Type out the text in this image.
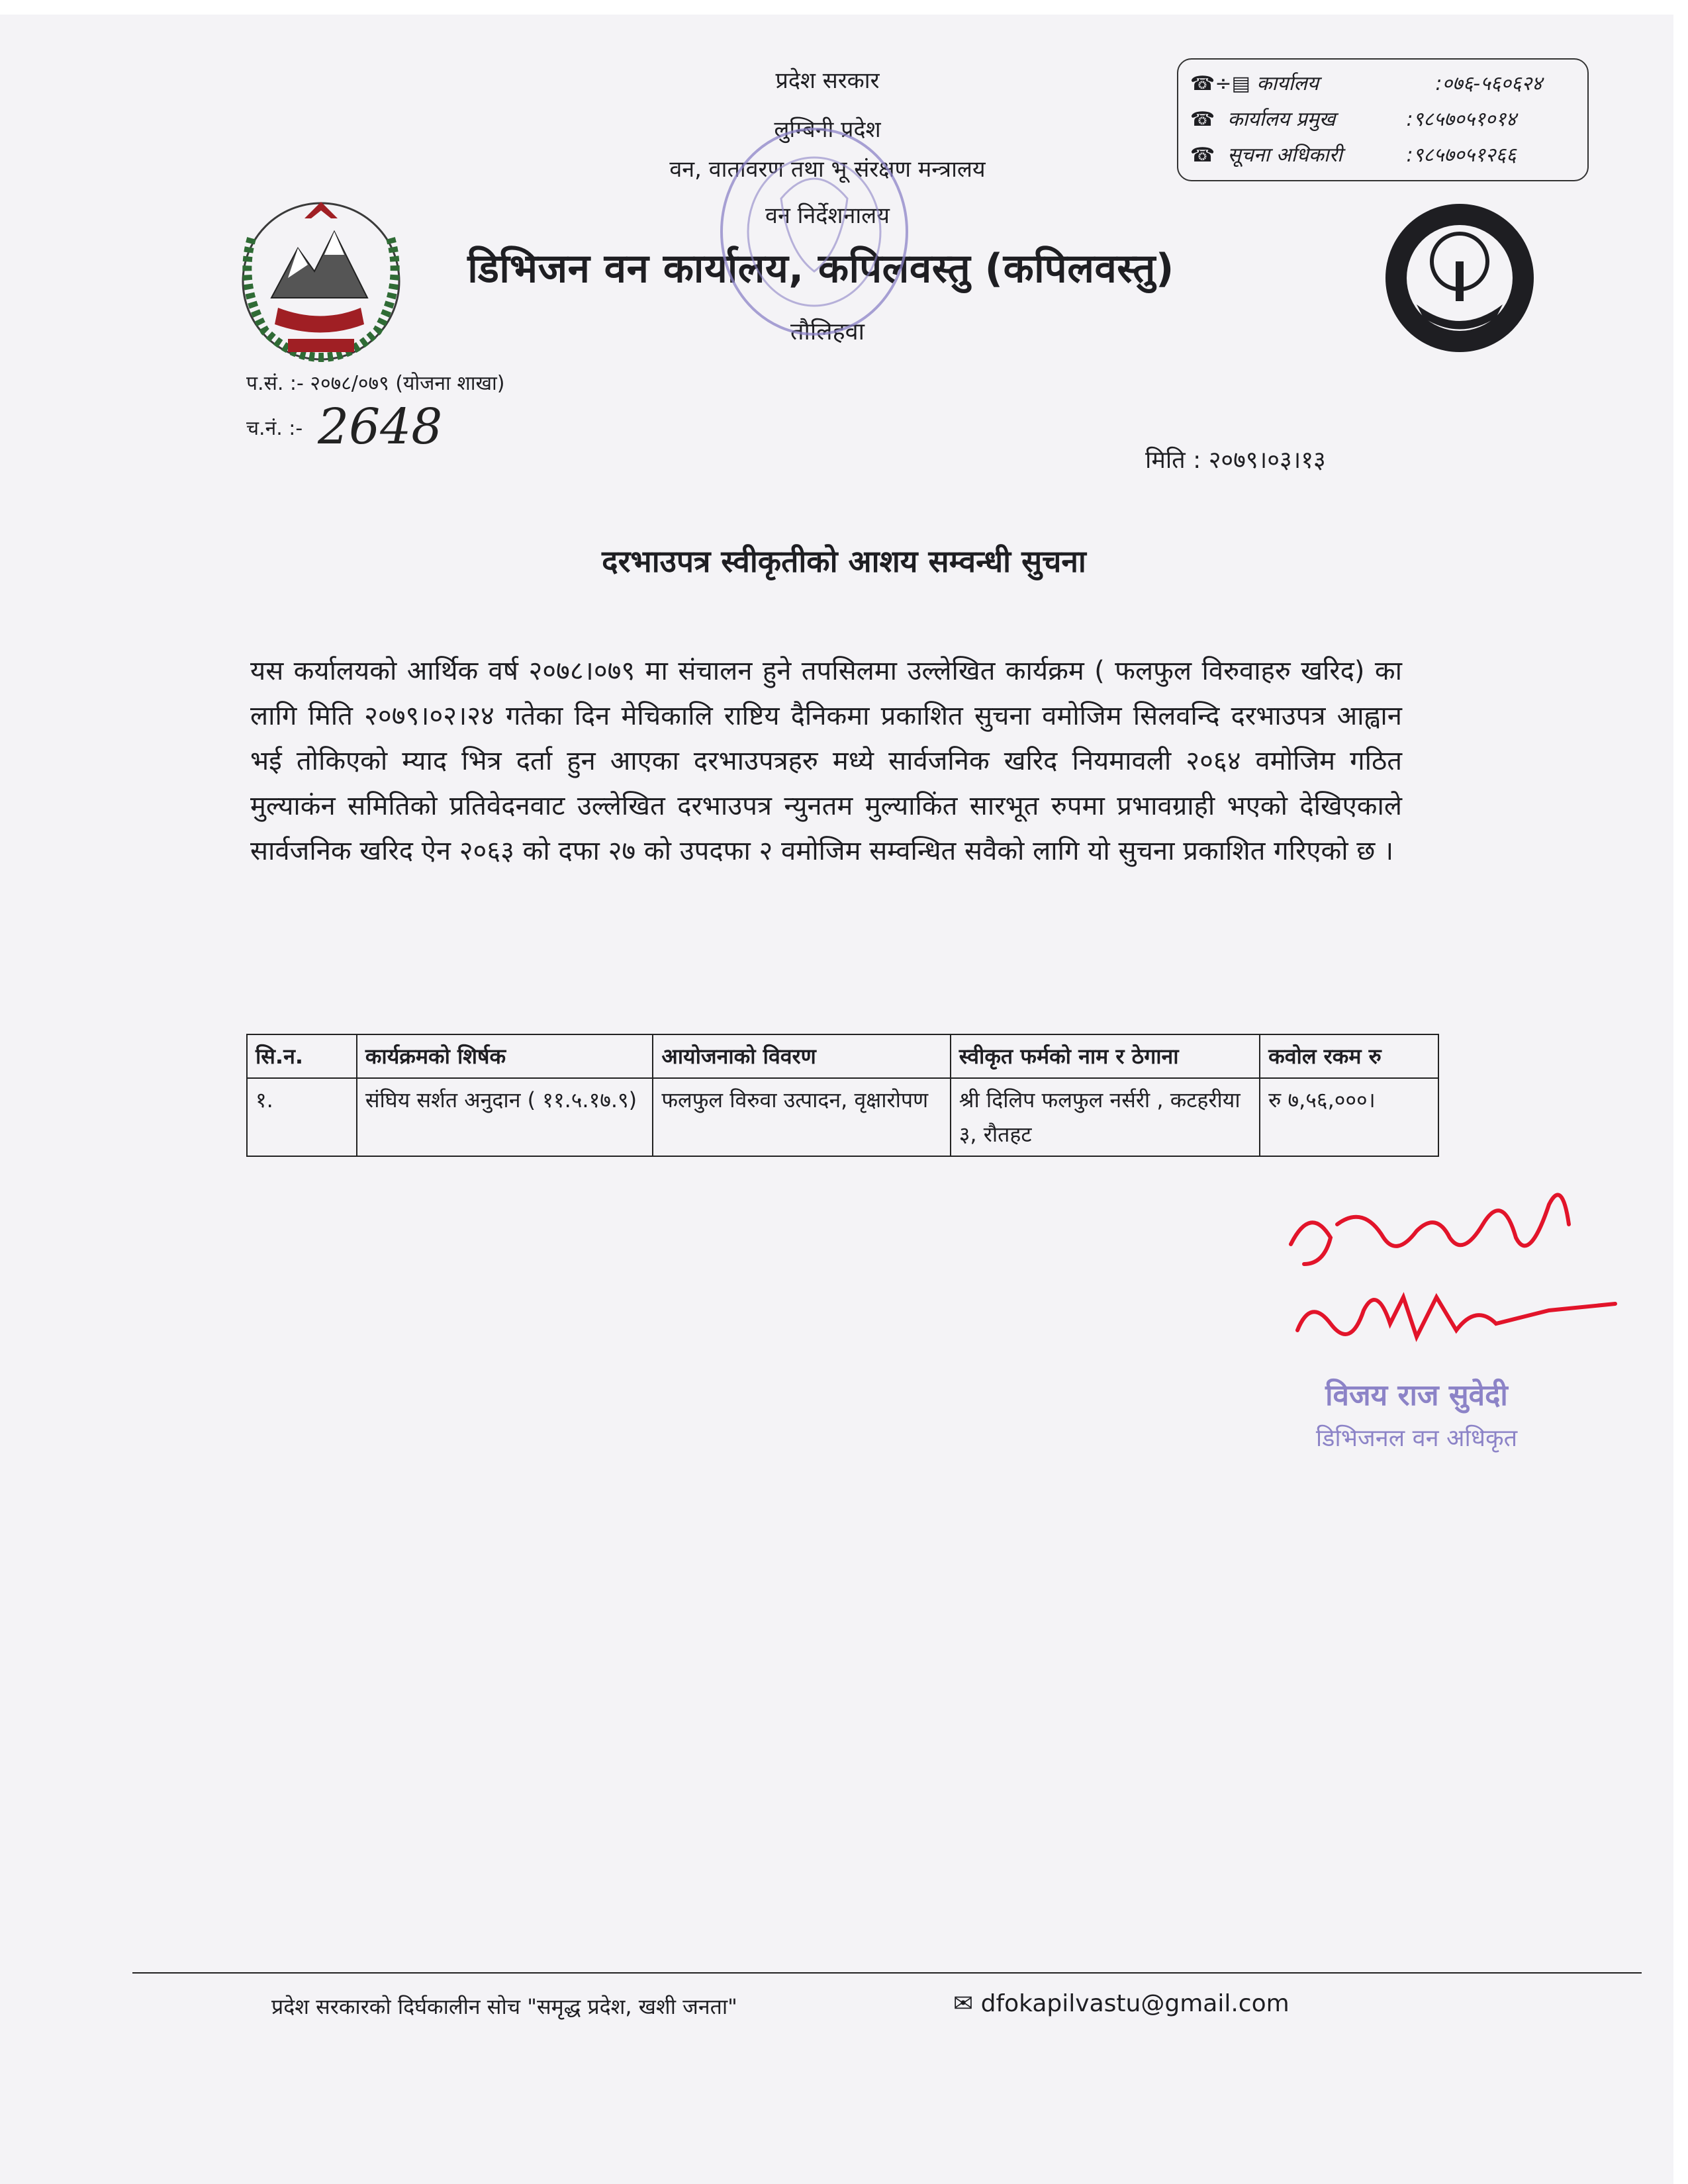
प्रदेश सरकार
लुम्बिनी प्रदेश
वन, वातावरण तथा भू संरक्षण मन्त्रालय
वन निर्देशनालय
डिभिजन वन कार्यालय, कपिलवस्तु (कपिलवस्तु)
तौलिहवा
☎÷▤ कार्यालय	:०७६-५६०६२४
☎  कार्यालय प्रमुख	:९८५७०५१०१४
☎  सूचना अधिकारी	:९८५७०५१२६६
प.सं. :- २०७८/०७९ (योजना शाखा)
च.नं. :- 2648
मिति : २०७९।०३।१३
दरभाउपत्र स्वीकृतीको आशय सम्वन्धी सुचना
यस कर्यालयको आर्थिक वर्ष २०७८।०७९ मा संचालन हुने तपसिलमा उल्लेखित कार्यक्रम ( फलफुल विरुवाहरु खरिद) का लागि मिति २०७९।०२।२४ गतेका दिन मेचिकालि राष्टिय दैनिकमा प्रकाशित सुचना वमोजिम सिलवन्दि दरभाउपत्र आह्वान भई तोकिएको म्याद भित्र दर्ता हुन आएका दरभाउपत्रहरु मध्ये सार्वजनिक खरिद नियमावली २०६४ वमोजिम गठित मुल्याकंन समितिको प्रतिवेदनवाट उल्लेखित दरभाउपत्र न्युनतम मुल्याकिंत सारभूत रुपमा प्रभावग्राही भएको देखिएकाले सार्वजनिक खरिद ऐन २०६३ को दफा २७ को उपदफा २ वमोजिम सम्वन्धित सवैको लागि यो सुचना प्रकाशित गरिएको छ ।
सि.न.	कार्यक्रमको शिर्षक	आयोजनाको विवरण	स्वीकृत फर्मको नाम र ठेगाना	कवोल रकम रु
१.	संघिय सर्शत अनुदान ( ११.५.१७.९)	फलफुल विरुवा उत्पादन, वृक्षारोपण	श्री दिलिप फलफुल नर्सरी , कटहरीया ३, रौतहट	रु ७,५६,०००।
विजय राज सुवेदी
डिभिजनल वन अधिकृत
प्रदेश सरकारको दिर्घकालीन सोच "समृद्ध प्रदेश, खशी जनता"	✉ dfokapilvastu@gmail.com
